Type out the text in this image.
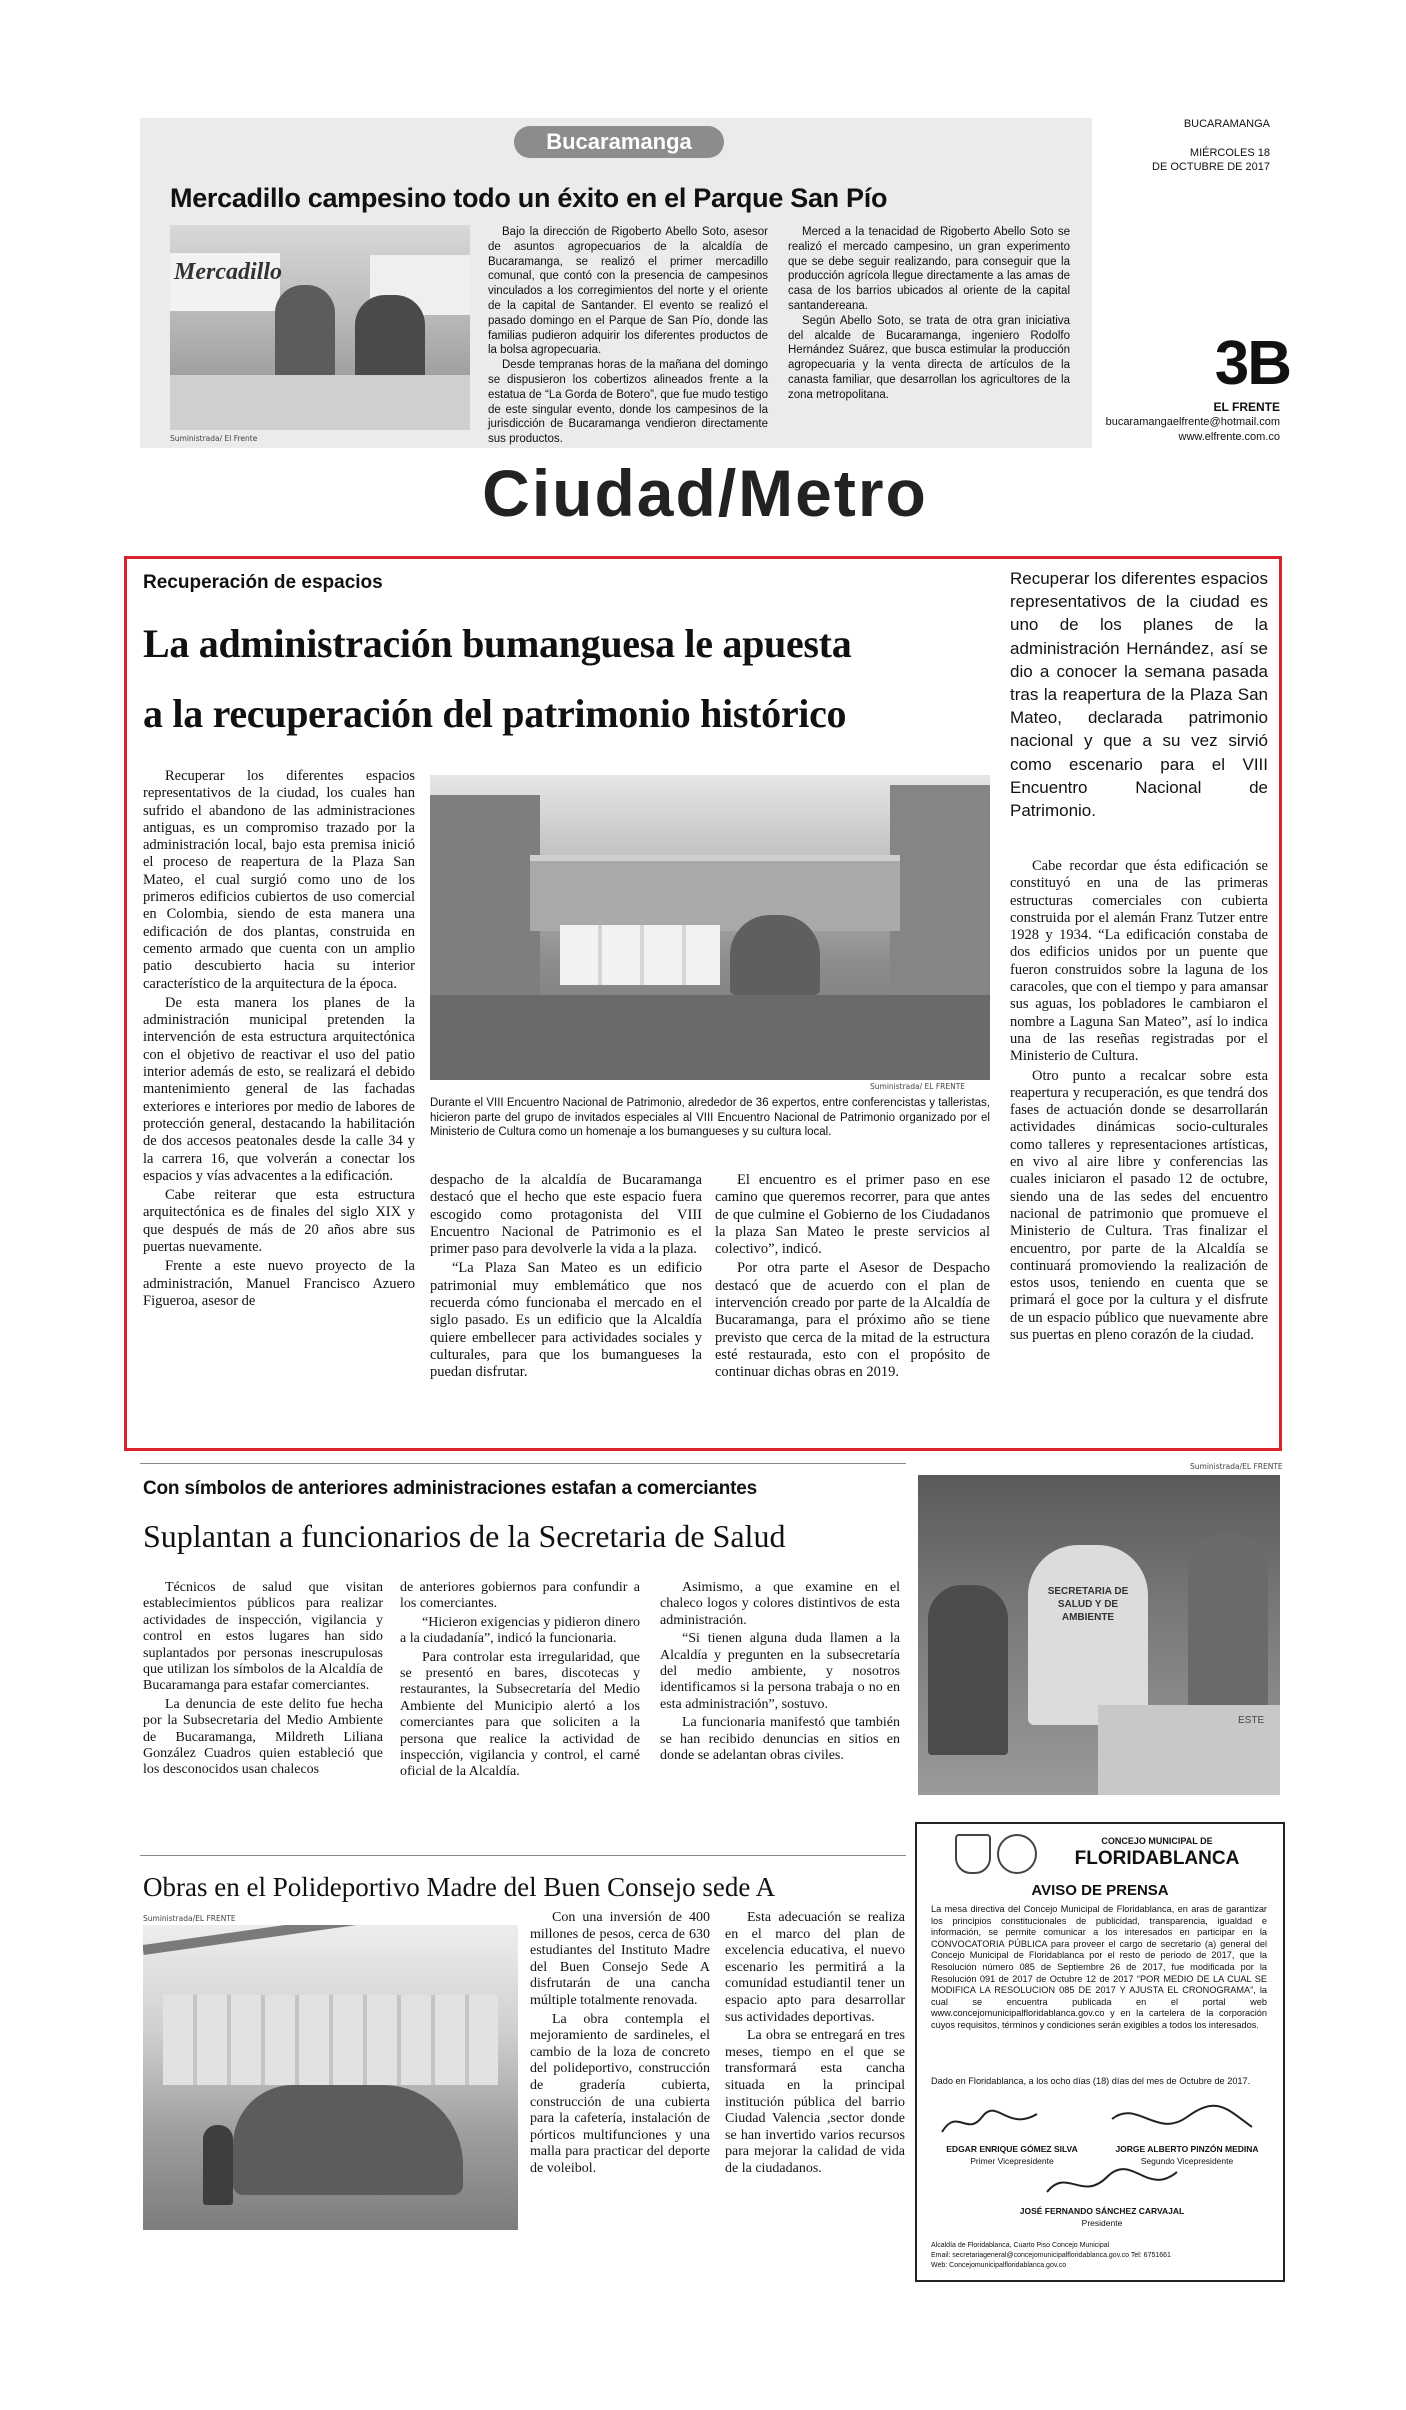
Bucaramanga
Mercadillo campesino todo un éxito en el Parque San Pío
Mercadillo
Suministrada/ El Frente

Bajo la dirección de Rigoberto Abello Soto, asesor de asuntos agropecuarios de la alcaldía de Bucaramanga, se realizó el primer mercadillo comunal, que contó con la presencia de campesinos vinculados a los corregimientos del norte y el oriente de la capital de Santander. El evento se realizó el pasado domingo en el Parque de San Pío, donde las familias pudieron adquirir los diferentes productos de la bolsa agropecuaria.

Desde tempranas horas de la mañana del domingo se dispusieron los cobertizos alineados frente a la estatua de “La Gorda de Botero”, que fue mudo testigo de este singular evento, donde los campesinos de la jurisdicción de Bucaramanga vendieron directamente sus productos.

Merced a la tenacidad de Rigoberto Abello Soto se realizó el mercado campesino, un gran experimento que se debe seguir realizando, para conseguir que la producción agrícola llegue directamente a las amas de casa de los barrios ubicados al oriente de la capital santandereana.

Según Abello Soto, se trata de otra gran iniciativa del alcalde de Bucaramanga, ingeniero Rodolfo Hernández Suárez, que busca estimular la producción agropecuaria y la venta directa de artículos de la canasta familiar, que desarrollan los agricultores de la zona metropolitana.

BUCARAMANGA
MIÉRCOLES 18
DE OCTUBRE DE 2017
3B
EL FRENTE
bucaramangaelfrente@hotmail.com
www.elfrente.com.co
Ciudad/Metro
Recuperación de espacios
La administración bumanguesa le apuesta
a la recuperación del patrimonio histórico
Recuperar los diferentes espacios representativos de la ciudad es uno de los planes de la administración Hernández, así se dio a conocer la semana pasada tras la reapertura de la Plaza San Mateo, declarada patrimonio nacional y que a su vez sirvió como escenario para el VIII Encuentro Nacional de Patrimonio.
Suministrada/ EL FRENTE
Durante el VIII Encuentro Nacional de Patrimonio, alrededor de 36 expertos, entre conferencistas y talleristas, hicieron parte del grupo de invitados especiales al VIII Encuentro Nacional de Patrimonio organizado por el Ministerio de Cultura como un homenaje a los bumangueses y su cultura local.

Recuperar los diferentes espacios representativos de la ciudad, los cuales han sufrido el abandono de las administraciones antiguas, es un compromiso trazado por la administración local, bajo esta premisa inició el proceso de reapertura de la Plaza San Mateo, el cual surgió como uno de los primeros edificios cubiertos de uso comercial en Colombia, siendo de esta manera una edificación de dos plantas, construida en cemento armado que cuenta con un amplio patio descubierto hacia su interior característico de la arquitectura de la época.

De esta manera los planes de la administración municipal pretenden la intervención de esta estructura arquitectónica con el objetivo de reactivar el uso del patio interior además de esto, se realizará el debido mantenimiento general de las fachadas exteriores e interiores por medio de labores de protección general, destacando la habilitación de dos accesos peatonales desde la calle 34 y la carrera 16, que volverán a conectar los espacios y vías advacentes a la edificación.

Cabe reiterar que esta estructura arquitectónica es de finales del siglo XIX y que después de más de 20 años abre sus puertas nuevamente.

Frente a este nuevo proyecto de la administración, Manuel Francisco Azuero Figueroa, asesor de

despacho de la alcaldía de Bucaramanga destacó que el hecho que este espacio fuera escogido como protagonista del VIII Encuentro Nacional de Patrimonio es el primer paso para devolverle la vida a la plaza.

“La Plaza San Mateo es un edificio patrimonial muy emblemático que nos recuerda cómo funcionaba el mercado en el siglo pasado. Es un edificio que la Alcaldía quiere embellecer para actividades sociales y culturales, para que los bumangueses la puedan disfrutar.

El encuentro es el primer paso en ese camino que queremos recorrer, para que antes de que culmine el Gobierno de los Ciudadanos la plaza San Mateo le preste servicios al colectivo”, indicó.

Por otra parte el Asesor de Despacho destacó que de acuerdo con el plan de intervención creado por parte de la Alcaldía de Bucaramanga, para el próximo año se tiene previsto que cerca de la mitad de la estructura esté restaurada, esto con el propósito de continuar dichas obras en 2019.

Cabe recordar que ésta edificación se constituyó en una de las primeras estructuras comerciales con cubierta construida por el alemán Franz Tutzer entre 1928 y 1934. “La edificación constaba de dos edificios unidos por un puente que fueron construidos sobre la laguna de los caracoles, que con el tiempo y para amansar sus aguas, los pobladores le cambiaron el nombre a Laguna San Mateo”, así lo indica una de las reseñas registradas por el Ministerio de Cultura.

Otro punto a recalcar sobre esta reapertura y recuperación, es que tendrá dos fases de actuación donde se desarrollarán actividades dinámicas socio-culturales como talleres y representaciones artísticas, en vivo al aire libre y conferencias las cuales iniciaron el pasado 12 de octubre, siendo una de las sedes del encuentro nacional de patrimonio que promueve el Ministerio de Cultura. Tras finalizar el encuentro, por parte de la Alcaldía se continuará promoviendo la realización de estos usos, teniendo en cuenta que se primará el goce por la cultura y el disfrute de un espacio público que nuevamente abre sus puertas en pleno corazón de la ciudad.

Con símbolos de anteriores administraciones estafan a comerciantes
Suplantan a funcionarios de la Secretaria de Salud

Técnicos de salud que visitan establecimientos públicos para realizar actividades de inspección, vigilancia y control en estos lugares han sido suplantados por personas inescrupulosas que utilizan los símbolos de la Alcaldía de Bucaramanga para estafar comerciantes.

La denuncia de este delito fue hecha por la Subsecretaria del Medio Ambiente de Bucaramanga, Mildreth Liliana González Cuadros quien estableció que los desconocidos usan chalecos

de anteriores gobiernos para confundir a los comerciantes.

“Hicieron exigencias y pidieron dinero a la ciudadanía”, indicó la funcionaria.

Para controlar esta irregularidad, que se presentó en bares, discotecas y restaurantes, la Subsecretaría del Medio Ambiente del Municipio alertó a los comerciantes para que soliciten a la persona que realice la actividad de inspección, vigilancia y control, el carné oficial de la Alcaldía.

Asimismo, a que examine en el chaleco logos y colores distintivos de esta administración.

“Si tienen alguna duda llamen a la Alcaldía y pregunten en la subsecretaría del medio ambiente, y nosotros identificamos si la persona trabaja o no en esta administración”, sostuvo.

La funcionaria manifestó que también se han recibido denuncias en sitios en donde se adelantan obras civiles.

Suministrada/EL FRENTE
SECRETARIA DE SALUD Y DE AMBIENTE
ESTE
Obras en el Polideportivo Madre del Buen Consejo sede A
Suministrada/EL FRENTE	Con una inversión de 400 millones de pesos, cerca de 630 estudiantes del Instituto Madre del Buen Consejo Sede A disfrutarán de una cancha múltiple totalmente renovada.

La obra contempla el mejoramiento de sardineles, el cambio de la loza de concreto del polideportivo, construcción de gradería cubierta, construcción de una cubierta para la cafetería, instalación de pórticos multifunciones y una malla para practicar del deporte de voleibol.

Esta adecuación se realiza en el marco del plan de excelencia educativa, el nuevo escenario les permitirá a la comunidad estudiantil tener un espacio apto para desarrollar sus actividades deportivas.

La obra se entregará en tres meses, tiempo en el que se transformará esta cancha situada en la principal institución pública del barrio Ciudad Valencia ,sector donde se han invertido varios recursos para mejorar la calidad de vida de la ciudadanos.

CONCEJO MUNICIPAL DE
FLORIDABLANCA
AVISO DE PRENSA
La mesa directiva del Concejo Municipal de Floridablanca, en aras de garantizar los principios constitucionales de publicidad, transparencia, igualdad e información, se permite comunicar a los interesados en participar en la CONVOCATORIA PÚBLICA para proveer el cargo de secretario (a) general del Concejo Municipal de Floridablanca por el resto de periodo de 2017, que la Resolución número 085 de Septiembre 26 de 2017, fue modificada por la Resolución 091 de 2017 de Octubre 12 de 2017 “POR MEDIO DE LA CUAL SE MODIFICA LA RESOLUCION 085 DE 2017 Y AJUSTA EL CRONOGRAMA”, la cual se encuentra publicada en el portal web www.concejomunicipalfloridablanca.gov.co y en la cartelera de la corporación cuyos requisitos, términos y condiciones serán exigibles a todos los interesados.
Dado en Floridablanca, a los ocho días (18) días del mes de Octubre de 2017.
EDGAR ENRIQUE GÓMEZ SILVA
Primer Vicepresidente
JORGE ALBERTO PINZÓN MEDINA
Segundo Vicepresidente
JOSÉ FERNANDO SÁNCHEZ CARVAJAL
Presidente
Alcaldía de Floridablanca, Cuarto Piso Concejo Municipal
Email: secretariageneral@concejomunicipalfloridablanca.gov.co Tel: 6751661
Web: Concejomunicipalfloridablanca.gov.co
